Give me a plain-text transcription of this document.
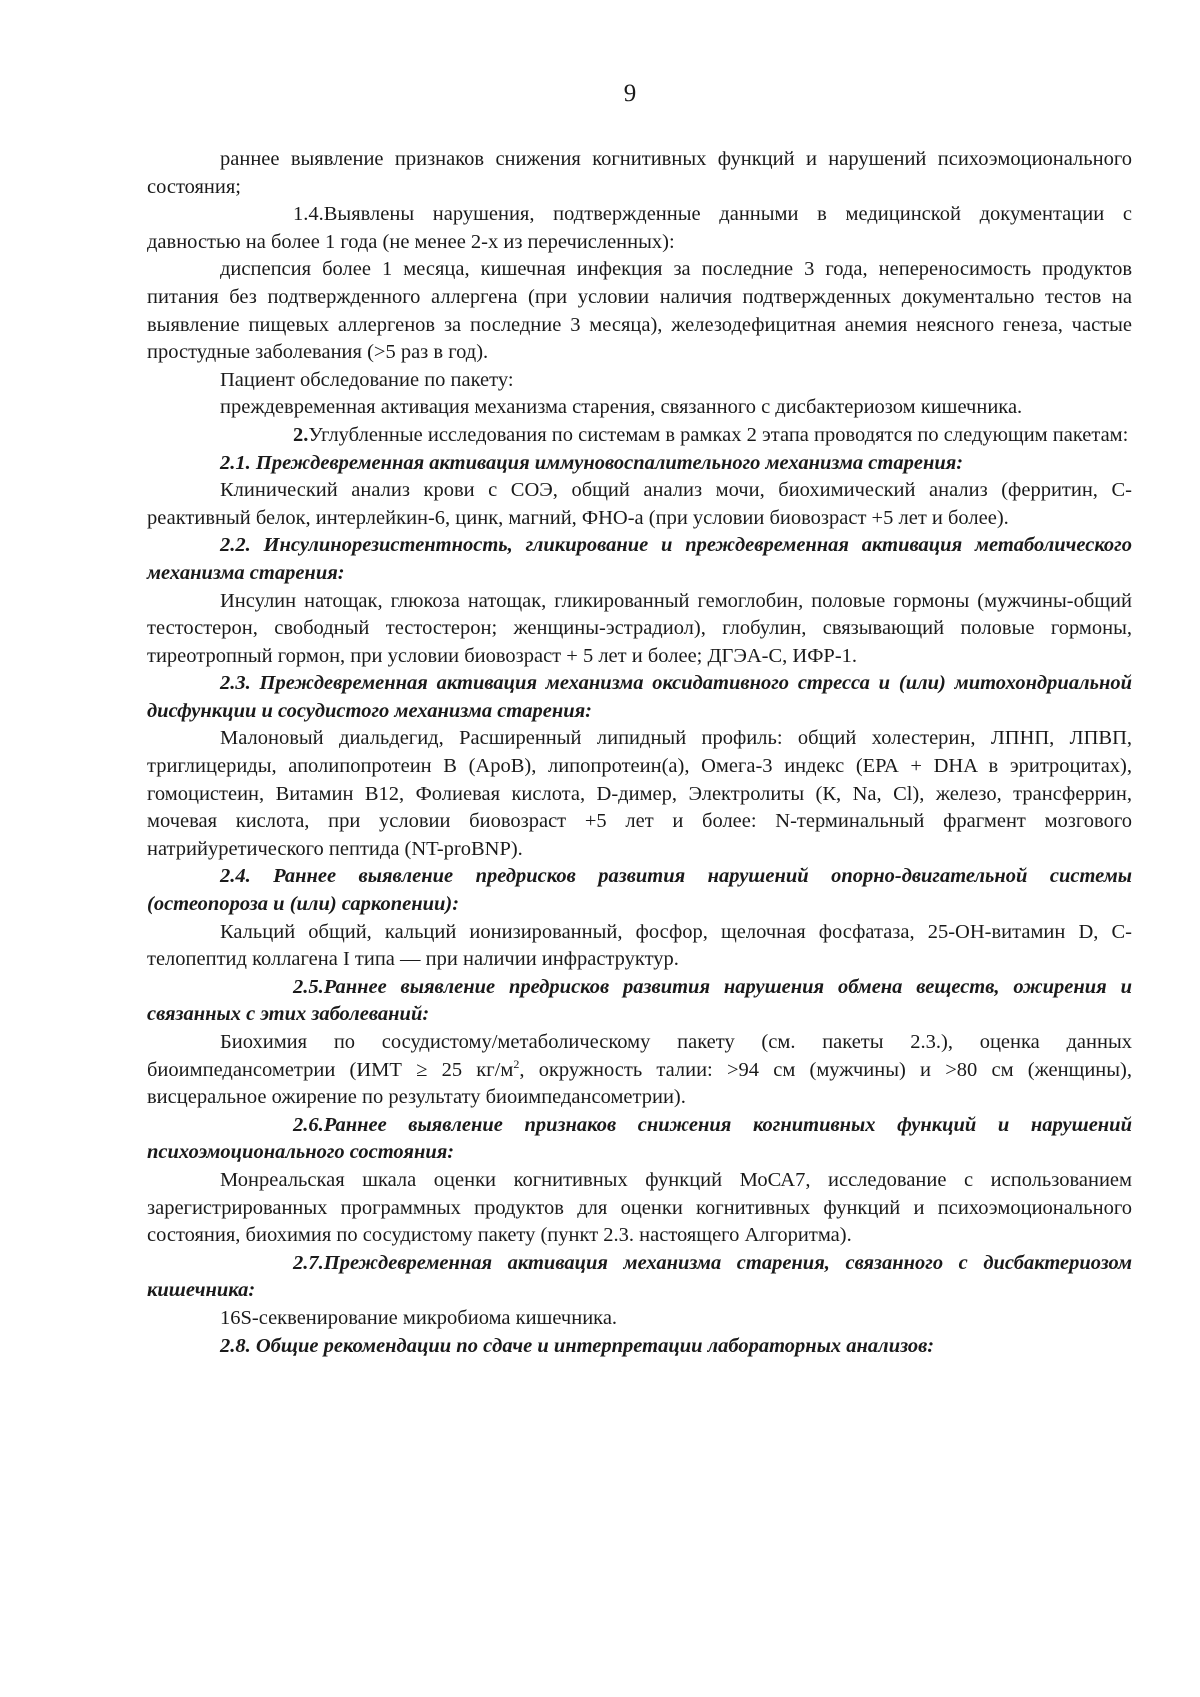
9

раннее выявление признаков снижения когнитивных функций и нарушений психоэмоционального состояния;

1.4.Выявлены нарушения, подтвержденные данными в медицинской документации с давностью на более 1 года (не менее 2-х из перечисленных):

диспепсия более 1 месяца, кишечная инфекция за последние 3 года, непереносимость продуктов питания без подтвержденного аллергена (при условии наличия подтвержденных документально тестов на выявление пищевых аллергенов за последние 3 месяца), железодефицитная анемия неясного генеза, частые простудные заболевания (>5 раз в год).

Пациент обследование по пакету:

преждевременная активация механизма старения, связанного с дисбактериозом кишечника.

2.Углубленные исследования по системам в рамках 2 этапа проводятся по следующим пакетам:

2.1. Преждевременная активация иммуновоспалительного механизма старения:

Клинический анализ крови с СОЭ, общий анализ мочи, биохимический анализ (ферритин, С-реактивный белок, интерлейкин-6, цинк, магний, ФНО-а (при условии биовозраст +5 лет и более).

2.2. Инсулинорезистентность, гликирование и преждевременная активация метаболического механизма старения:

Инсулин натощак, глюкоза натощак, гликированный гемоглобин, половые гормоны (мужчины-общий тестостерон, свободный тестостерон; женщины-эстрадиол), глобулин, связывающий половые гормоны, тиреотропный гормон, при условии биовозраст + 5 лет и более; ДГЭА-С, ИФР-1.

2.3. Преждевременная активация механизма оксидативного стресса и (или) митохондриальной дисфункции и сосудистого механизма старения:

Малоновый диальдегид, Расширенный липидный профиль: общий холестерин, ЛПНП, ЛПВП, триглицериды, аполипопротеин В (АроВ), липопротеин(а), Омега-3 индекс (ЕРА + DHA в эритроцитах), гомоцистеин, Витамин В12, Фолиевая кислота, D-димер, Электролиты (К, Na, Cl), железо, трансферрин, мочевая кислота, при условии биовозраст +5 лет и более: N-терминальный фрагмент мозгового натрийуретического пептида (NT-proBNP).

2.4. Раннее выявление предрисков развития нарушений опорно-двигательной системы (остеопороза и (или) саркопении):

Кальций общий, кальций ионизированный, фосфор, щелочная фосфатаза, 25-ОН-витамин D, С-телопептид коллагена I типа — при наличии инфраструктур.

2.5.Раннее выявление предрисков развития нарушения обмена веществ, ожирения и связанных с этих заболеваний:

Биохимия по сосудистому/метаболическому пакету (см. пакеты 2.3.), оценка данных биоимпедансометрии (ИМТ ≥ 25 $кг/м^2$, окружность талии: >94 см (мужчины) и >80 см (женщины), висцеральное ожирение по результату биоимпедансометрии).

2.6.Раннее выявление признаков снижения когнитивных функций и нарушений психоэмоционального состояния:

Монреальская шкала оценки когнитивных функций МоСА7, исследование с использованием зарегистрированных программных продуктов для оценки когнитивных функций и психоэмоционального состояния, биохимия по сосудистому пакету (пункт 2.3. настоящего Алгоритма).

2.7.Преждевременная активация механизма старения, связанного с дисбактериозом кишечника:

16S-секвенирование микробиома кишечника.

2.8. Общие рекомендации по сдаче и интерпретации лабораторных анализов:
